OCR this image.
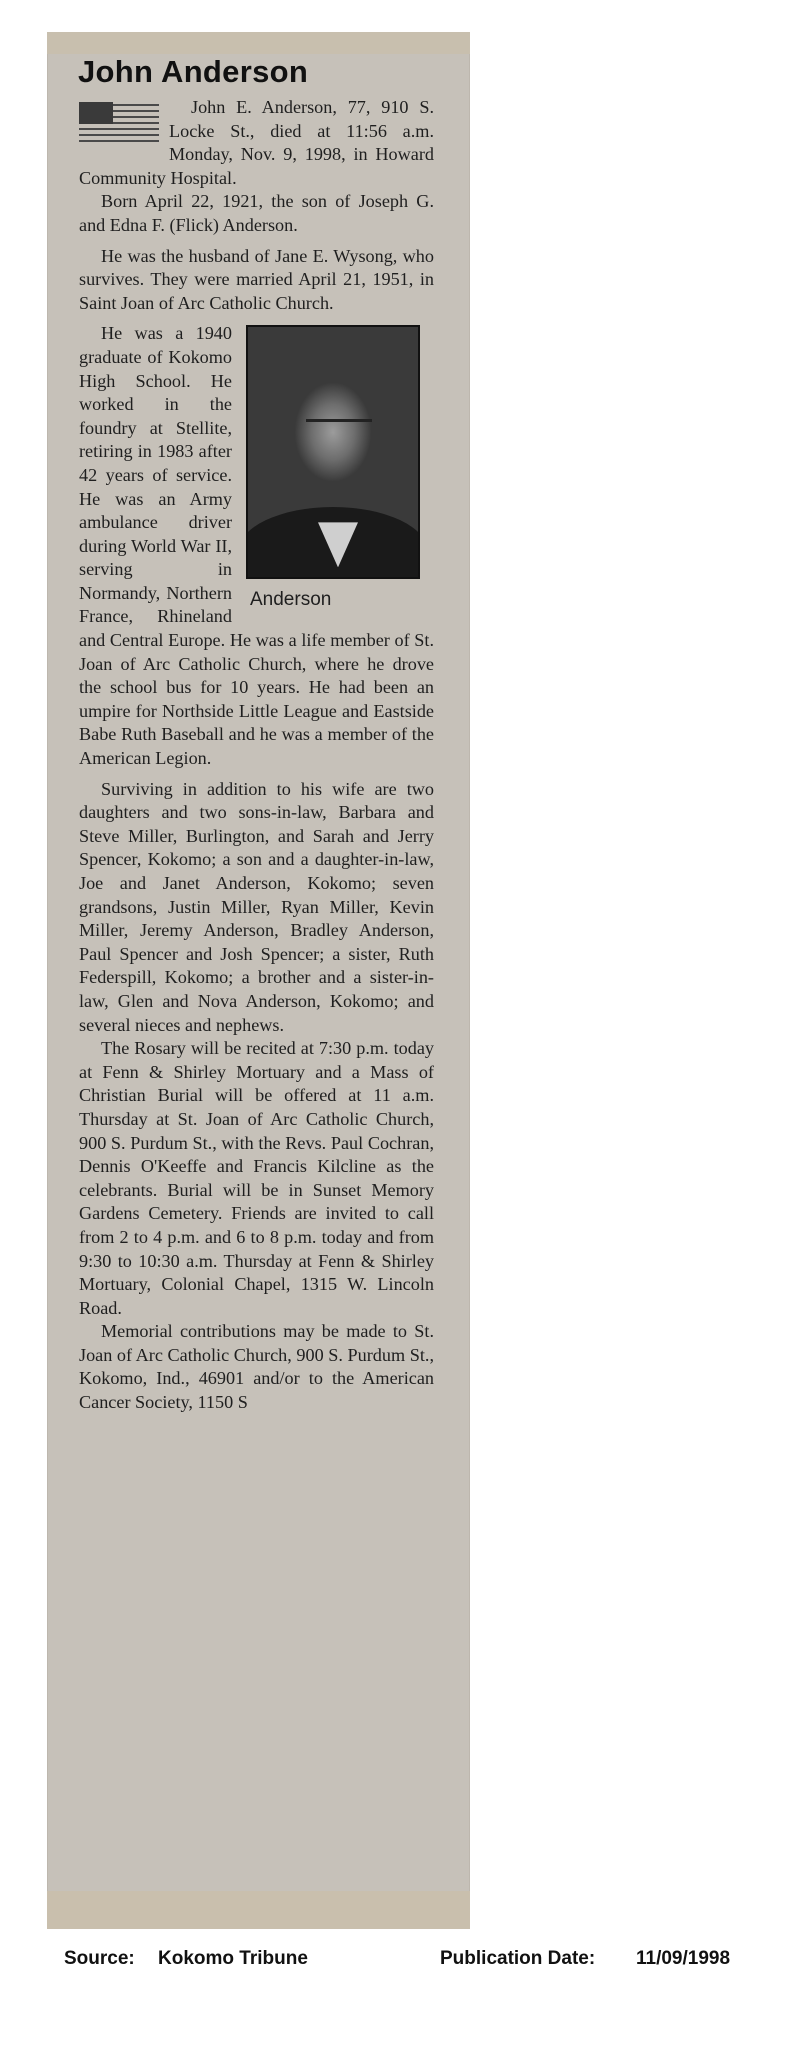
John Anderson

John E. Anderson, 77, 910 S. Locke St., died at 11:56 a.m. Monday, Nov. 9, 1998, in Howard Community Hospital.

Born April 22, 1921, the son of Joseph G. and Edna F. (Flick) Anderson.

He was the husband of Jane E. Wysong, who survives. They were married April 21, 1951, in Saint Joan of Arc Catholic Church.

Anderson

He was a 1940 graduate of Kokomo High School. He worked in the foundry at Stellite, retiring in 1983 after 42 years of service. He was an Army ambulance driver during World War II, serving in Normandy, Northern France, Rhineland and Central Europe. He was a life member of St. Joan of Arc Catholic Church, where he drove the school bus for 10 years. He had been an umpire for Northside Little League and Eastside Babe Ruth Baseball and he was a member of the American Legion.

Surviving in addition to his wife are two daughters and two sons-in-law, Barbara and Steve Miller, Burlington, and Sarah and Jerry Spencer, Kokomo; a son and a daughter-in-law, Joe and Janet Anderson, Kokomo; seven grandsons, Justin Miller, Ryan Miller, Kevin Miller, Jeremy Anderson, Bradley Anderson, Paul Spencer and Josh Spencer; a sister, Ruth Federspill, Kokomo; a brother and a sister-in-law, Glen and Nova Anderson, Kokomo; and several nieces and nephews.

The Rosary will be recited at 7:30 p.m. today at Fenn & Shirley Mortuary and a Mass of Christian Burial will be offered at 11 a.m. Thursday at St. Joan of Arc Catholic Church, 900 S. Purdum St., with the Revs. Paul Cochran, Dennis O'Keeffe and Francis Kilcline as the celebrants. Burial will be in Sunset Memory Gardens Cemetery. Friends are invited to call from 2 to 4 p.m. and 6 to 8 p.m. today and from 9:30 to 10:30 a.m. Thursday at Fenn & Shirley Mortuary, Colonial Chapel, 1315 W. Lincoln Road.

Memorial contributions may be made to St. Joan of Arc Catholic Church, 900 S. Purdum St., Kokomo, Ind., 46901 and/or to the American Cancer Society, 1150 S

Source: Kokomo Tribune	Publication Date: 11/09/1998
